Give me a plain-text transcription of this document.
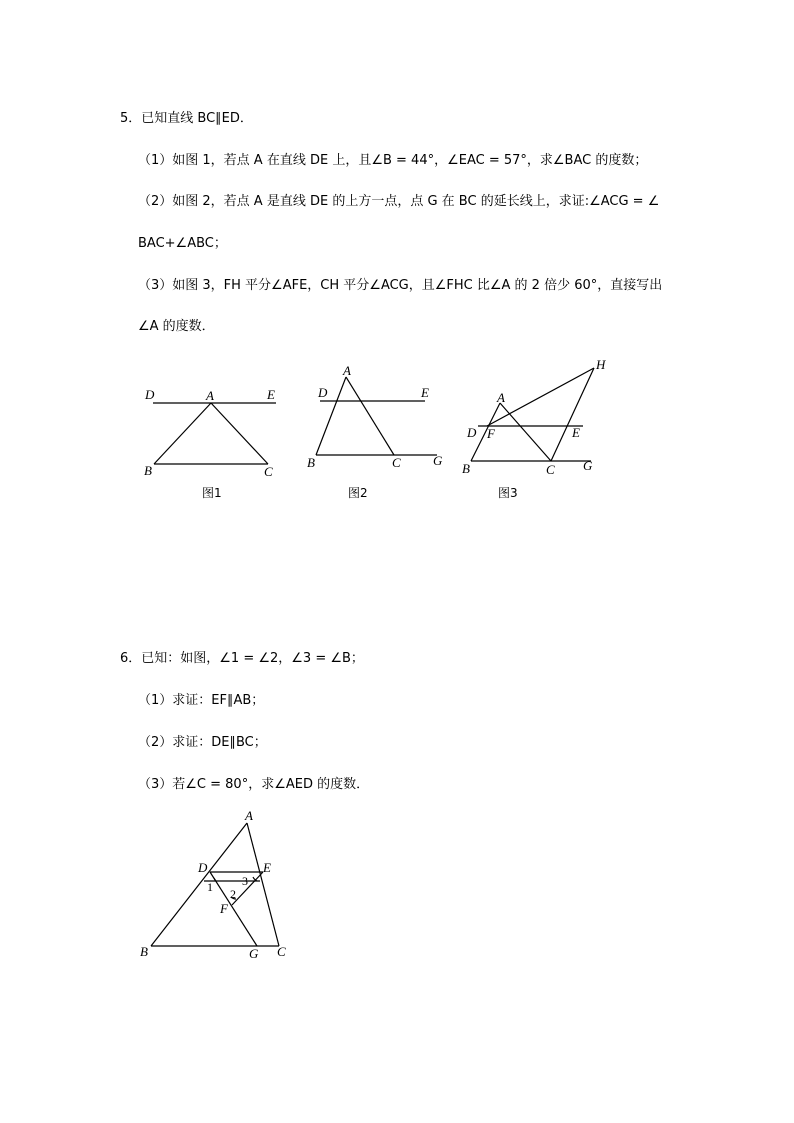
5．已知直线 BC∥ED．
（1）如图 1，若点 A 在直线 DE 上，且∠B = 44°，∠EAC = 57°，求∠BAC 的度数；
（2）如图 2，若点 A 是直线 DE 的上方一点，点 G 在 BC 的延长线上，求证:∠ACG = ∠
BAC+∠ABC；
（3）如图 3，FH 平分∠AFE，CH 平分∠ACG，且∠FHC 比∠A 的 2 倍少 60°，直接写出
∠A 的度数．
D	A	E
B	C
图1
A
D	E
B	C G
图2
H
A
D F	E
B	C G
图3
6．已知：如图，∠1 = ∠2，∠3 = ∠B；
（1）求证：EF∥AB；
（2）求证：DE∥BC；
（3）若∠C = 80°，求∠AED 的度数．
A
D	E
1 3
2
F
B	G C
